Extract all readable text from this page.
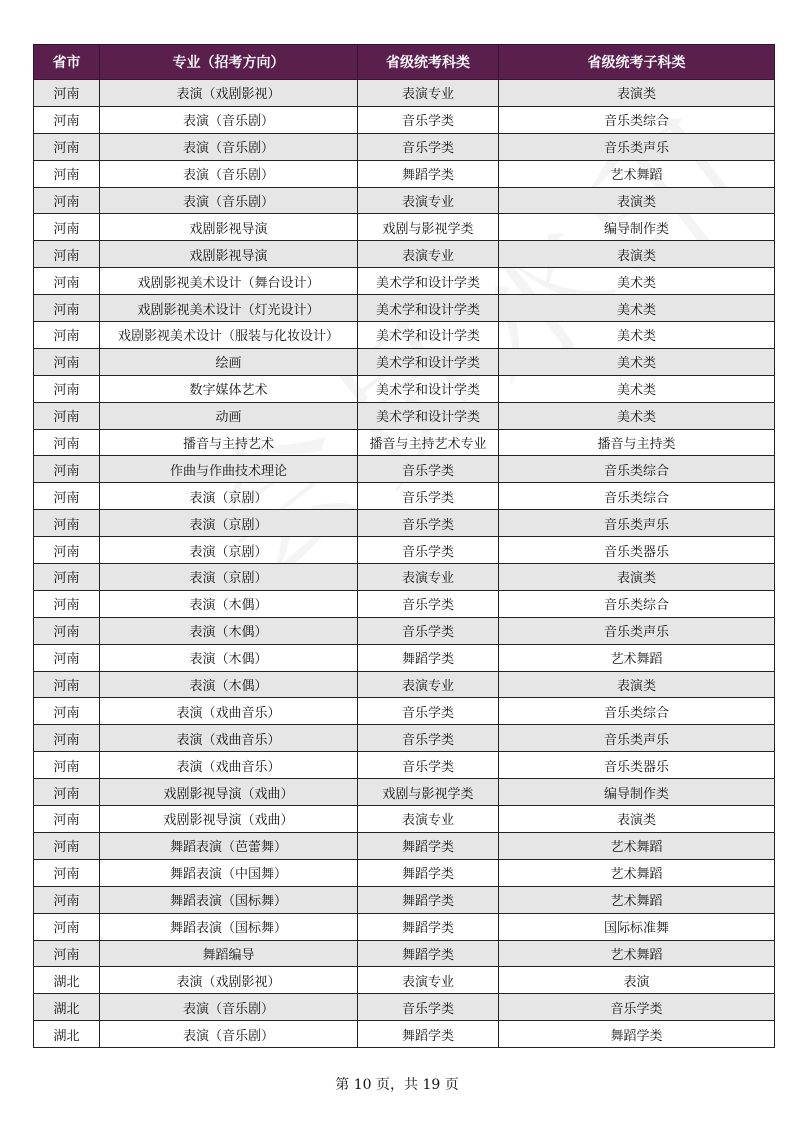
省市	专业（招考方向）	省级统考科类	省级统考子科类
河南	表演（戏剧影视）	表演专业	表演类
河南	表演（音乐剧）	音乐学类	音乐类综合
河南	表演（音乐剧）	音乐学类	音乐类声乐
河南	表演（音乐剧）	舞蹈学类	艺术舞蹈
河南	表演（音乐剧）	表演专业	表演类
河南	戏剧影视导演	戏剧与影视学类	编导制作类
河南	戏剧影视导演	表演专业	表演类
河南	戏剧影视美术设计（舞台设计）	美术学和设计学类	美术类
河南	戏剧影视美术设计（灯光设计）	美术学和设计学类	美术类
河南	戏剧影视美术设计（服装与化妆设计）	美术学和设计学类	美术类
河南	绘画	美术学和设计学类	美术类
河南	数字媒体艺术	美术学和设计学类	美术类
河南	动画	美术学和设计学类	美术类
河南	播音与主持艺术	播音与主持艺术专业	播音与主持类
河南	作曲与作曲技术理论	音乐学类	音乐类综合
河南	表演（京剧）	音乐学类	音乐类综合
河南	表演（京剧）	音乐学类	音乐类声乐
河南	表演（京剧）	音乐学类	音乐类器乐
河南	表演（京剧）	表演专业	表演类
河南	表演（木偶）	音乐学类	音乐类综合
河南	表演（木偶）	音乐学类	音乐类声乐
河南	表演（木偶）	舞蹈学类	艺术舞蹈
河南	表演（木偶）	表演专业	表演类
河南	表演（戏曲音乐）	音乐学类	音乐类综合
河南	表演（戏曲音乐）	音乐学类	音乐类声乐
河南	表演（戏曲音乐）	音乐学类	音乐类器乐
河南	戏剧影视导演（戏曲）	戏剧与影视学类	编导制作类
河南	戏剧影视导演（戏曲）	表演专业	表演类
河南	舞蹈表演（芭蕾舞）	舞蹈学类	艺术舞蹈
河南	舞蹈表演（中国舞）	舞蹈学类	艺术舞蹈
河南	舞蹈表演（国标舞）	舞蹈学类	艺术舞蹈
河南	舞蹈表演（国标舞）	舞蹈学类	国际标准舞
河南	舞蹈编导	舞蹈学类	艺术舞蹈
湖北	表演（戏剧影视）	表演专业	表演
湖北	表演（音乐剧）	音乐学类	音乐学类
湖北	表演（音乐剧）	舞蹈学类	舞蹈学类
第 10 页，共 19 页
